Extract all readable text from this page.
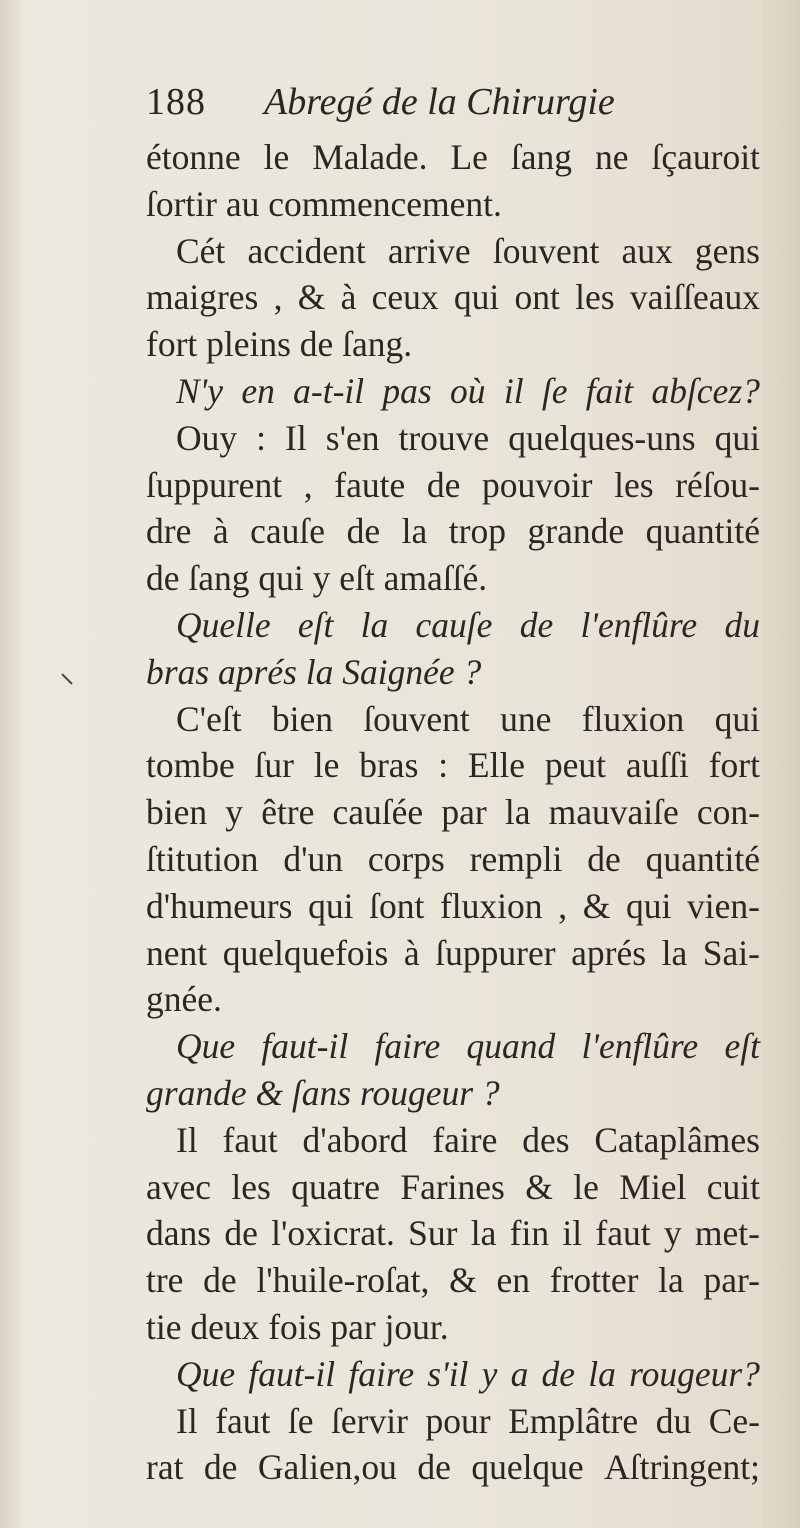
188 Abregé de la Chirurgie
étonne le Malade. Le ſang ne ſçauroit
ſortir au commencement.
Cét accident arrive ſouvent aux gens
maigres , & à ceux qui ont les vaiſſeaux
fort pleins de ſang.
N'y en a-t-il pas où il ſe fait abſcez?
Ouy : Il s'en trouve quelques-uns qui
ſuppurent , faute de pouvoir les réſou-
dre à cauſe de la trop grande quantité
de ſang qui y eſt amaſſé.
Quelle eſt la cauſe de l'enflûre du
bras aprés la Saignée ?
C'eſt bien ſouvent une fluxion qui
tombe ſur le bras : Elle peut auſſi fort
bien y être cauſée par la mauvaiſe con-
ſtitution d'un corps rempli de quantité
d'humeurs qui ſont fluxion , & qui vien-
nent quelquefois à ſuppurer aprés la Sai-
gnée.
Que faut-il faire quand l'enflûre eſt
grande & ſans rougeur ?
Il faut d'abord faire des Cataplâmes
avec les quatre Farines & le Miel cuit
dans de l'oxicrat. Sur la fin il faut y met-
tre de l'huile-roſat, & en frotter la par-
tie deux fois par jour.
Que faut-il faire s'il y a de la rougeur?
Il faut ſe ſervir pour Emplâtre du Ce-
rat de Galien,ou de quelque Aſtringent;
